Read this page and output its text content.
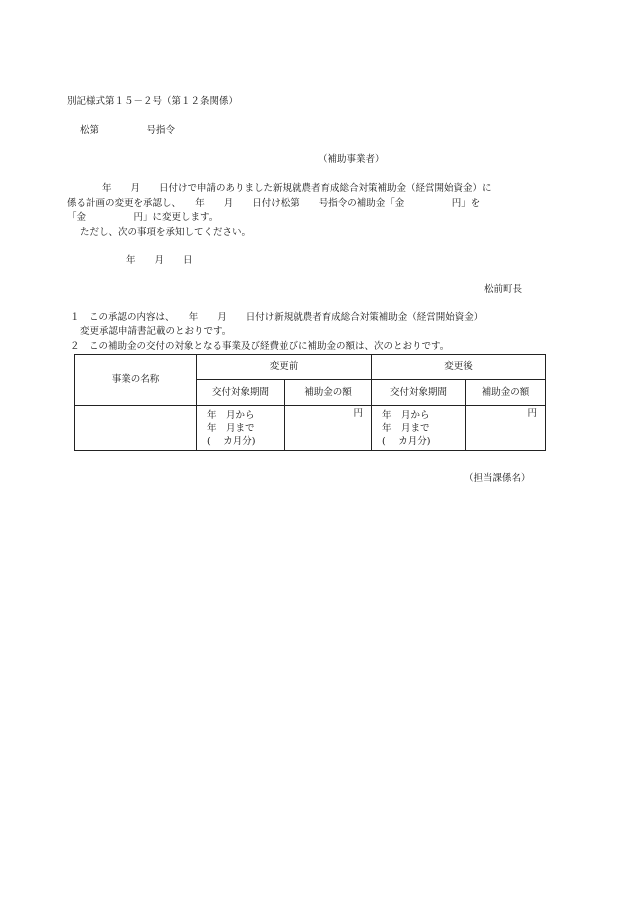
別記様式第１５－２号（第１２条関係）
松第　　　　　号指令
（補助事業者）
年　　月　　日付けで申請のありました新規就農者育成総合対策補助金（経営開始資金）に
係る計画の変更を承認し、　　年　　月　　日付け松第　　号指令の補助金「金　　　　　円」を
「金　　　　　円」に変更します。
ただし、次の事項を承知してください。
年　　月　　日
松前町長
１　この承認の内容は、　　年　　月　　日付け新規就農者育成総合対策補助金（経営開始資金）
変更承認申請書記載のとおりです。
２　この補助金の交付の対象となる事業及び経費並びに補助金の額は、次のとおりです。
事業の名称	変更前		変更後	
	交付対象期間	補助金の額	交付対象期間	補助金の額

	年　月から
年　月まで
(　 カ月分)	円	年　月から
年　月まで
(　 カ月分)	円
（担当課係名）
